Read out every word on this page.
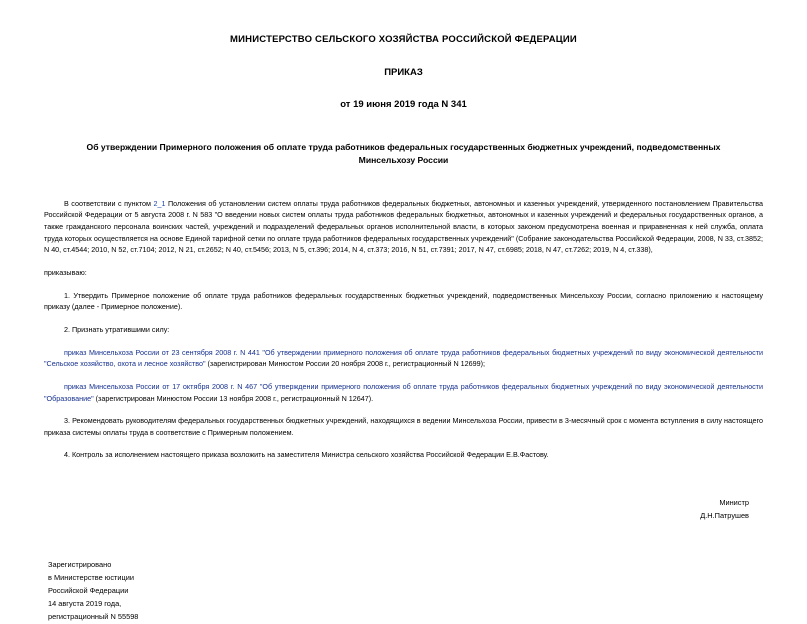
МИНИСТЕРСТВО СЕЛЬСКОГО ХОЗЯЙСТВА РОССИЙСКОЙ ФЕДЕРАЦИИ
ПРИКАЗ
от 19 июня 2019 года N 341
Об утверждении Примерного положения об оплате труда работников федеральных государственных бюджетных учреждений, подведомственных Минсельхозу России

В соответствии с пунктом 2_1 Положения об установлении систем оплаты труда работников федеральных бюджетных, автономных и казенных учреждений, утвержденного постановлением Правительства Российской Федерации от 5 августа 2008 г. N 583 "О введении новых систем оплаты труда работников федеральных бюджетных, автономных и казенных учреждений и федеральных государственных органов, а также гражданского персонала воинских частей, учреждений и подразделений федеральных органов исполнительной власти, в которых законом предусмотрена военная и приравненная к ней служба, оплата труда которых осуществляется на основе Единой тарифной сетки по оплате труда работников федеральных государственных учреждений" (Собрание законодательства Российской Федерации, 2008, N 33, ст.3852; N 40, ст.4544; 2010, N 52, ст.7104; 2012, N 21, ст.2652; N 40, ст.5456; 2013, N 5, ст.396; 2014, N 4, ст.373; 2016, N 51, ст.7391; 2017, N 47, ст.6985; 2018, N 47, ст.7262; 2019, N 4, ст.338),

приказываю:

1. Утвердить Примерное положение об оплате труда работников федеральных государственных бюджетных учреждений, подведомственных Минсельхозу России, согласно приложению к настоящему приказу (далее - Примерное положение).

2. Признать утратившими силу:

приказ Минсельхоза России от 23 сентября 2008 г. N 441 "Об утверждении примерного положения об оплате труда работников федеральных бюджетных учреждений по виду экономической деятельности "Сельское хозяйство, охота и лесное хозяйство" (зарегистрирован Минюстом России 20 ноября 2008 г., регистрационный N 12699);

приказ Минсельхоза России от 17 октября 2008 г. N 467 "Об утверждении примерного положения об оплате труда работников федеральных бюджетных учреждений по виду экономической деятельности "Образование" (зарегистрирован Минюстом России 13 ноября 2008 г., регистрационный N 12647).

3. Рекомендовать руководителям федеральных государственных бюджетных учреждений, находящихся в ведении Минсельхоза России, привести в 3-месячный срок с момента вступления в силу настоящего приказа системы оплаты труда в соответствие с Примерным положением.

4. Контроль за исполнением настоящего приказа возложить на заместителя Министра сельского хозяйства Российской Федерации Е.В.Фастову.

Министр
Д.Н.Патрушев
Зарегистрировано
в Министерстве юстиции
Российской Федерации
14 августа 2019 года,
регистрационный N 55598
